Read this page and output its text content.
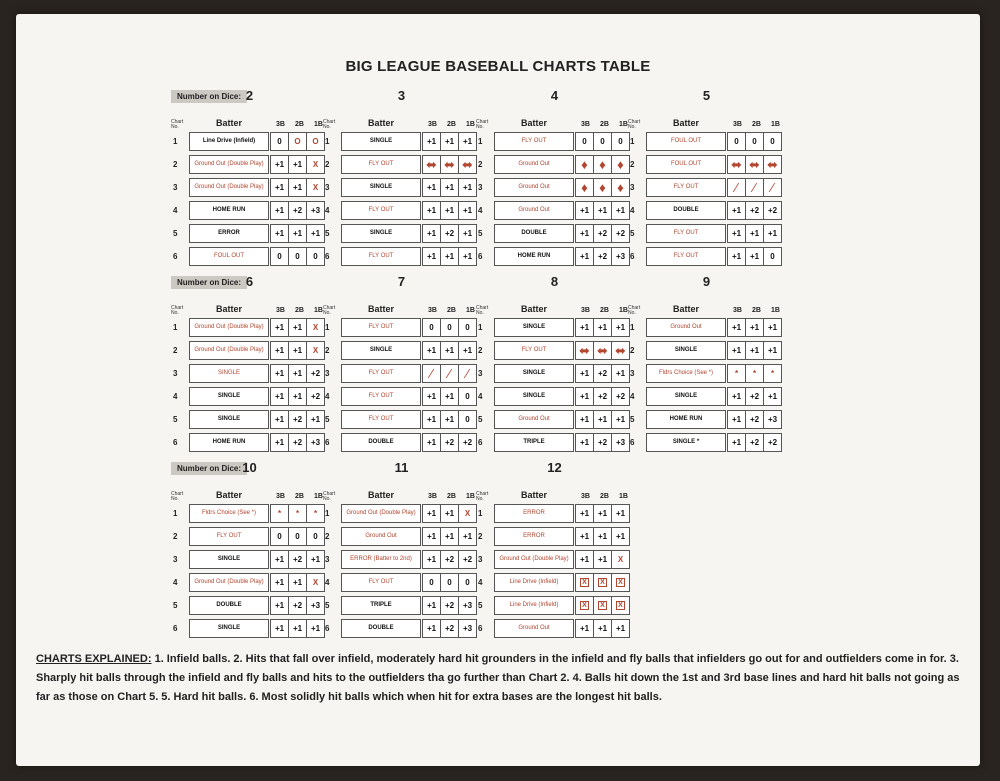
BIG LEAGUE BASEBALL CHARTS TABLE
Number on Dice: 2
Chart No.	Batter	3B	2B	1B
1	Line Drive (Infield)	0	O	O
2	Ground Out (Double Play)	+1	+1	X
3	Ground Out (Double Play)	+1	+1	X
4	HOME RUN	+1	+2	+3
5	ERROR	+1	+1	+1
6	FOUL OUT	0	0	0
3
Chart No.	Batter	3B	2B	1B
1	SINGLE	+1	+1	+1
2	FLY OUT	⬌ ⬌ ⬌
3	SINGLE	+1	+1	+1
4	FLY OUT	+1	+1	+1
5	SINGLE	+1	+2	+1
6	FLY OUT	+1	+1	+1
4
Chart No.	Batter	3B	2B	1B
1	FLY OUT	0	0	0
2	Ground Out	♦ ♦ ♦
3	Ground Out	♦ ♦ ♦
4	Ground Out	+1	+1	+1
5	DOUBLE	+1	+2	+2
6	HOME RUN	+1	+2	+3
5
Chart No.	Batter	3B	2B	1B
1	FOUL OUT	0	0	0
2	FOUL OUT	⬌ ⬌ ⬌
3	FLY OUT	⁄	⁄	⁄
4	DOUBLE	+1	+2	+2
5	FLY OUT	+1	+1	+1
6	FLY OUT	+1	+1	0
Number on Dice: 6
Chart No.	Batter	3B	2B	1B
1	Ground Out (Double Play)	+1	+1	X
2	Ground Out (Double Play)	+1	+1	X
3	SINGLE	+1	+1	+2
4	SINGLE	+1	+1	+2
5	SINGLE	+1	+2	+1
6	HOME RUN	+1	+2	+3
7
Chart No.	Batter	3B	2B	1B
1	FLY OUT	0	0	0
2	SINGLE	+1	+1	+1
3	FLY OUT	⁄	⁄	⁄
4	FLY OUT	+1	+1	0
5	FLY OUT	+1	+1	0
6	DOUBLE	+1	+2	+2
8
Chart No.	Batter	3B	2B	1B
1	SINGLE	+1	+1	+1
2	FLY OUT	⬌ ⬌ ⬌
3	SINGLE	+1	+2	+1
4	SINGLE	+1	+2	+2
5	Ground Out	+1	+1	+1
6	TRIPLE	+1	+2	+3
9
Chart No.	Batter	3B	2B	1B
1	Ground Out	+1	+1	+1
2	SINGLE	+1	+1	+1
3	Fldrs Choice (See *)	*	*	*
4	SINGLE	+1	+2	+1
5	HOME RUN	+1	+2	+3
6	SINGLE *	+1	+2	+2
Number on Dice: 10
Chart No.	Batter	3B	2B	1B
1	Fldrs Choice (See *)	*	*	*
2	FLY OUT	0	0	0
3	SINGLE	+1	+2	+1
4	Ground Out (Double Play)	+1	+1	X
5	DOUBLE	+1	+2	+3
6	SINGLE	+1	+1	+1
11
Chart No.	Batter	3B	2B	1B
1	Ground Out (Double Play)	+1	+1	X
2	Ground Out	+1	+1	+1
3	ERROR (Batter to 2nd)	+1	+2	+2
4	FLY OUT	0	0	0
5	TRIPLE	+1	+2	+3
6	DOUBLE	+1	+2	+3
12
Chart No.	Batter	3B	2B	1B
1	ERROR	+1	+1	+1
2	ERROR	+1	+1	+1
3	Ground Out (Double Play)	+1	+1	X
4	Line Drive (Infield)	X X X
5	Line Drive (Infield)	X X X
6	Ground Out	+1	+1	+1
CHARTS EXPLAINED: 1. Infield balls. 2. Hits that fall over infield, moderately hard hit grounders in the infield and fly balls that infielders go out for and outfielders come in for. 3. Sharply hit balls through the infield and fly balls and hits to the outfielders tha go further than Chart 2. 4. Balls hit down the 1st and 3rd base lines and hard hit balls not going as far as those on Chart 5. 5. Hard hit balls. 6. Most solidly hit balls which when hit for extra bases are the longest hit balls.
